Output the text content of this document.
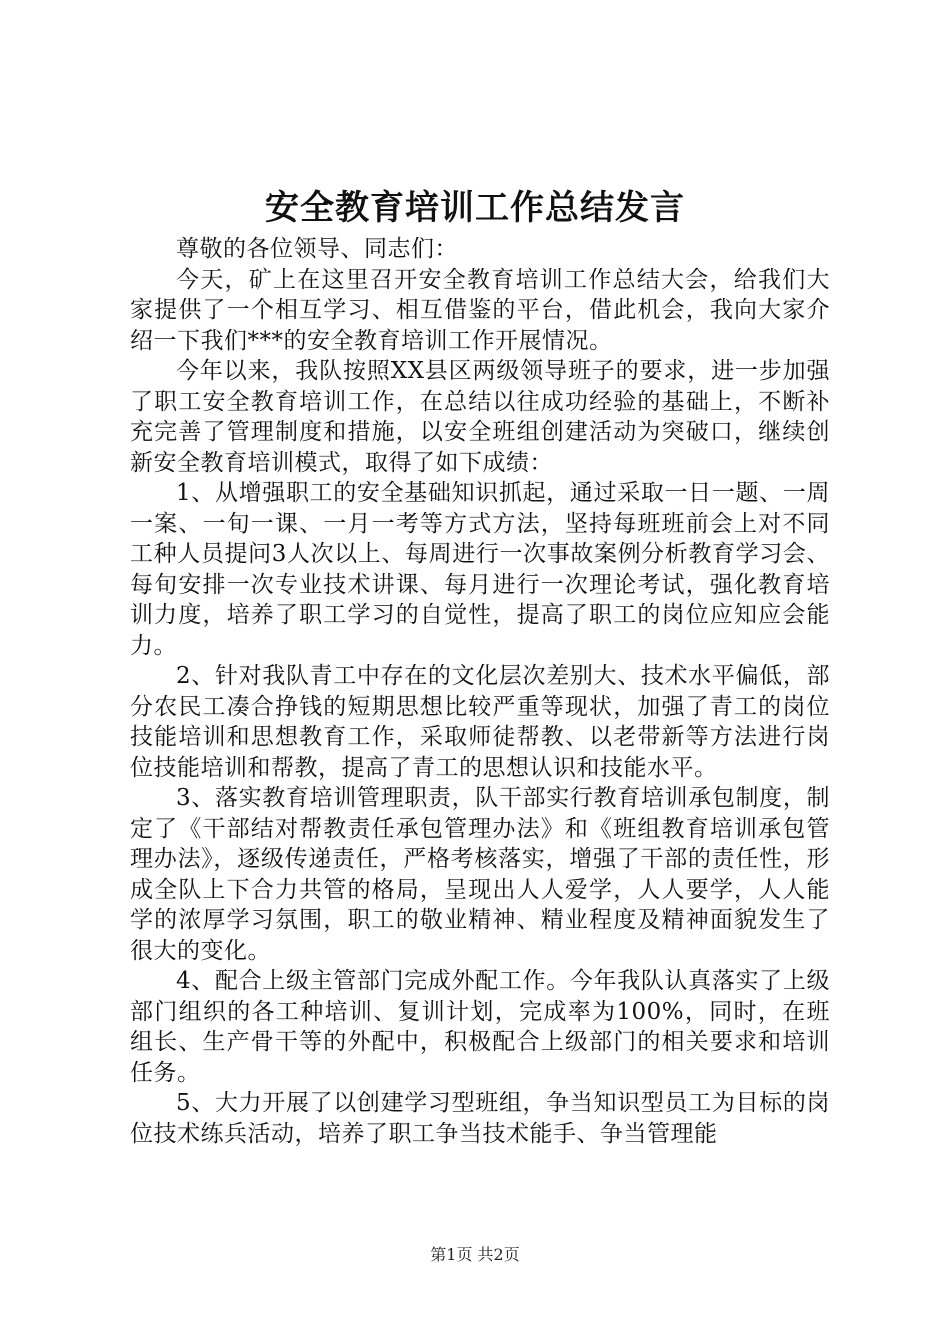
安全教育培训工作总结发言

尊敬的各位领导、同志们：

今天，矿上在这里召开安全教育培训工作总结大会，给我们大家提供了一个相互学习、相互借鉴的平台，借此机会，我向大家介绍一下我们***的安全教育培训工作开展情况。

今年以来，我队按照XX县区两级领导班子的要求，进一步加强了职工安全教育培训工作，在总结以往成功经验的基础上，不断补充完善了管理制度和措施，以安全班组创建活动为突破口，继续创新安全教育培训模式，取得了如下成绩：

1、从增强职工的安全基础知识抓起，通过采取一日一题、一周一案、一旬一课、一月一考等方式方法，坚持每班班前会上对不同工种人员提问3人次以上、每周进行一次事故案例分析教育学习会、每旬安排一次专业技术讲课、每月进行一次理论考试，强化教育培训力度，培养了职工学习的自觉性，提高了职工的岗位应知应会能力。

2、针对我队青工中存在的文化层次差别大、技术水平偏低，部分农民工凑合挣钱的短期思想比较严重等现状，加强了青工的岗位技能培训和思想教育工作，采取师徒帮教、以老带新等方法进行岗位技能培训和帮教，提高了青工的思想认识和技能水平。

3、落实教育培训管理职责，队干部实行教育培训承包制度，制定了《干部结对帮教责任承包管理办法》和《班组教育培训承包管理办法》，逐级传递责任，严格考核落实，增强了干部的责任性，形成全队上下合力共管的格局，呈现出人人爱学，人人要学，人人能学的浓厚学习氛围，职工的敬业精神、精业程度及精神面貌发生了很大的变化。

4、配合上级主管部门完成外配工作。今年我队认真落实了上级部门组织的各工种培训、复训计划，完成率为100%，同时，在班组长、生产骨干等的外配中，积极配合上级部门的相关要求和培训任务。

5、大力开展了以创建学习型班组，争当知识型员工为目标的岗位技术练兵活动，培养了职工争当技术能手、争当管理能

第1页 共2页
